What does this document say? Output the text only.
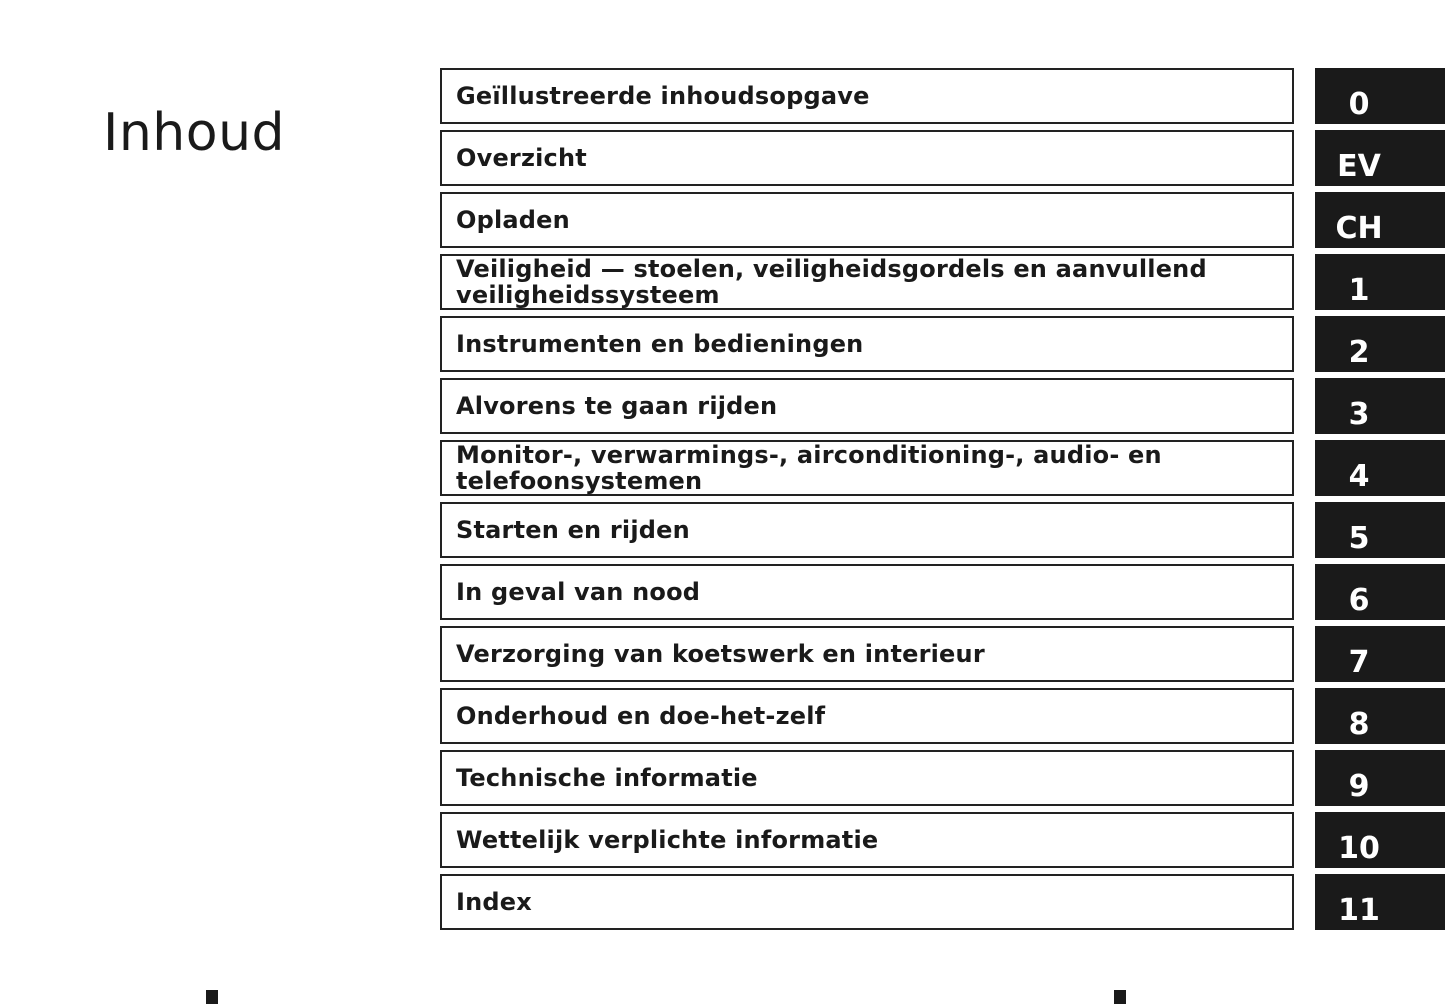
Inhoud
Geïllustreerde inhoudsopgave	0
Overzicht	EV
Opladen	CH
Veiligheid — stoelen, veiligheidsgordels en aanvullend veiligheidssysteem	1
Instrumenten en bedieningen	2
Alvorens te gaan rijden	3
Monitor-, verwarmings-, airconditioning-, audio- en telefoonsystemen	4
Starten en rijden	5
In geval van nood	6
Verzorging van koetswerk en interieur	7
Onderhoud en doe-het-zelf	8
Technische informatie	9
Wettelijk verplichte informatie	10
Index	11
